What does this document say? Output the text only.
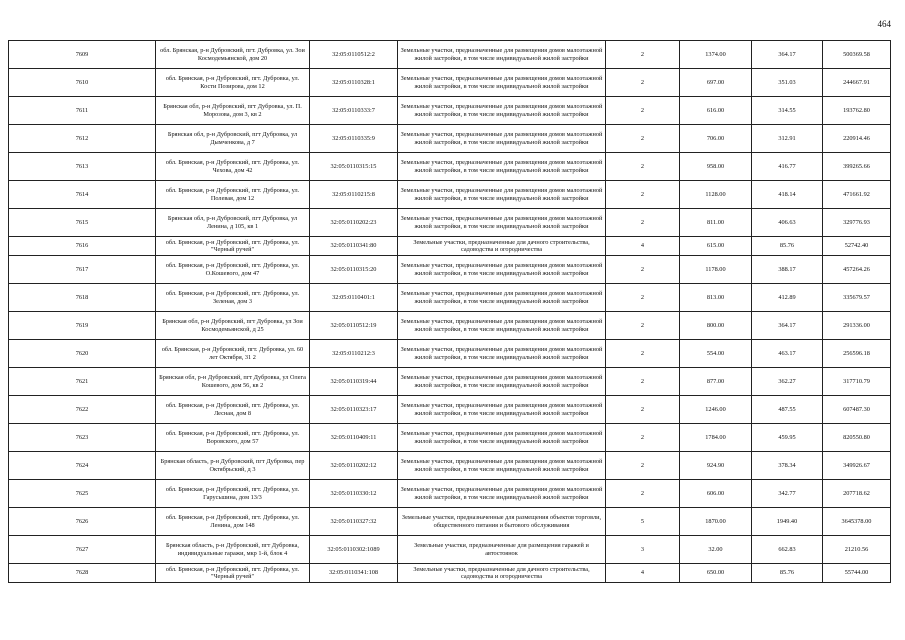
464
7609	обл. Брянская, р-н Дубровский, пгт. Дубровка, ул. Зои Космодемьянской, дом 20	32:05:0110512:2	Земельные участки, предназначенные для размещения домов малоэтажной жилой застройки, в том числе индивидуальной жилой застройки	2	1374.00	364.17	500369.58
7610	обл. Брянская, р-н Дубровский, пгт. Дубровка, ул. Кости Позирова, дом 12	32:05:0110328:1	Земельные участки, предназначенные для размещения домов малоэтажной жилой застройки, в том числе индивидуальной жилой застройки	2	697.00	351.03	244667.91
7611	Брянская обл, р-н Дубровский, пгт Дубровка, ул. П. Морозова, дом 3, кв 2	32:05:0110333:7	Земельные участки, предназначенные для размещения домов малоэтажной жилой застройки, в том числе индивидуальной жилой застройки	2	616.00	314.55	193762.80
7612	Брянская обл, р-н Дубровский, пгт Дубровка, ул Дымченкова, д 7	32:05:0110335:9	Земельные участки, предназначенные для размещения домов малоэтажной жилой застройки, в том числе индивидуальной жилой застройки	2	706.00	312.91	220914.46
7613	обл. Брянская, р-н Дубровский, пгт. Дубровка, ул. Чехова, дом 42	32:05:0110315:15	Земельные участки, предназначенные для размещения домов малоэтажной жилой застройки, в том числе индивидуальной жилой застройки	2	958.00	416.77	399265.66
7614	обл. Брянская, р-н Дубровский, пгт. Дубровка, ул. Полевая, дом 12	32:05:0110215:8	Земельные участки, предназначенные для размещения домов малоэтажной жилой застройки, в том числе индивидуальной жилой застройки	2	1128.00	418.14	471661.92
7615	Брянская обл, р-н Дубровский, пгт Дубровка, ул Ленина, д 105, кв 1	32:05:0110202:23	Земельные участки, предназначенные для размещения домов малоэтажной жилой застройки, в том числе индивидуальной жилой застройки	2	811.00	406.63	329776.93
7616	обл. Брянская, р-н Дубровский, пгт. Дубровка, ул. "Черный ручей"	32:05:0110341:80	Земельные участки, предназначенные для дачного строительства, садоводства и огородничества	4	615.00	85.76	52742.40
7617	обл. Брянская, р-н Дубровский, пгт. Дубровка, ул. О.Кошевого, дом 47	32:05:0110315:20	Земельные участки, предназначенные для размещения домов малоэтажной жилой застройки, в том числе индивидуальной жилой застройки	2	1178.00	388.17	457264.26
7618	обл. Брянская, р-н Дубровский, пгт. Дубровка, ул. Зеленая, дом 3	32:05:0110401:1	Земельные участки, предназначенные для размещения домов малоэтажной жилой застройки, в том числе индивидуальной жилой застройки	2	813.00	412.89	335679.57
7619	Брянская обл, р-н Дубровский, пгт Дубровка, ул Зои Космодемьянской, д 25	32:05:0110512:19	Земельные участки, предназначенные для размещения домов малоэтажной жилой застройки, в том числе индивидуальной жилой застройки	2	800.00	364.17	291336.00
7620	обл. Брянская, р-н Дубровский, пгт. Дубровка, ул. 60 лет Октября, 31 2	32:05:0110212:3	Земельные участки, предназначенные для размещения домов малоэтажной жилой застройки, в том числе индивидуальной жилой застройки	2	554.00	463.17	256596.18
7621	Брянская обл, р-н Дубровский, пгт Дубровка, ул Олега Кошевого, дом 56, кв 2	32:05:0110319:44	Земельные участки, предназначенные для размещения домов малоэтажной жилой застройки, в том числе индивидуальной жилой застройки	2	877.00	362.27	317710.79
7622	обл. Брянская, р-н Дубровский, пгт. Дубровка, ул. Лесная, дом 8	32:05:0110323:17	Земельные участки, предназначенные для размещения домов малоэтажной жилой застройки, в том числе индивидуальной жилой застройки	2	1246.00	487.55	607487.30
7623	обл. Брянская, р-н Дубровский, пгт. Дубровка, ул. Воровского, дом 57	32:05:0110409:11	Земельные участки, предназначенные для размещения домов малоэтажной жилой застройки, в том числе индивидуальной жилой застройки	2	1784.00	459.95	820550.80
7624	Брянская область, р-н Дубровский, пгт Дубровка, пер Октябрьский, д 3	32:05:0110202:12	Земельные участки, предназначенные для размещения домов малоэтажной жилой застройки, в том числе индивидуальной жилой застройки	2	924.90	378.34	349926.67
7625	обл. Брянская, р-н Дубровский, пгт. Дубровка, ул. Гарусьшина, дом 13/3	32:05:0110330:12	Земельные участки, предназначенные для размещения домов малоэтажной жилой застройки, в том числе индивидуальной жилой застройки	2	606.00	342.77	207718.62
7626	обл. Брянская, р-н Дубровский, пгт. Дубровка, ул. Ленина, дом 148	32:05:0110327:32	Земельные участки, предназначенные для размещения объектов торговли, общественного питания и бытового обслуживания	5	1870.00	1949.40	3645378.00
7627	Брянская область, р-н Дубровский, пгт Дубровка, индивидуальные гаражи, мкр 1-й, блок 4	32:05:0110302:1089	Земельные участки, предназначенные для размещения гаражей и автостоянок	3	32.00	662.83	21210.56
7628	обл. Брянская, р-н Дубровский, пгт. Дубровка, ул. "Черный ручей"	32:05:0110341:108	Земельные участки, предназначенные для дачного строительства, садоводства и огородничества	4	650.00	85.76	55744.00
